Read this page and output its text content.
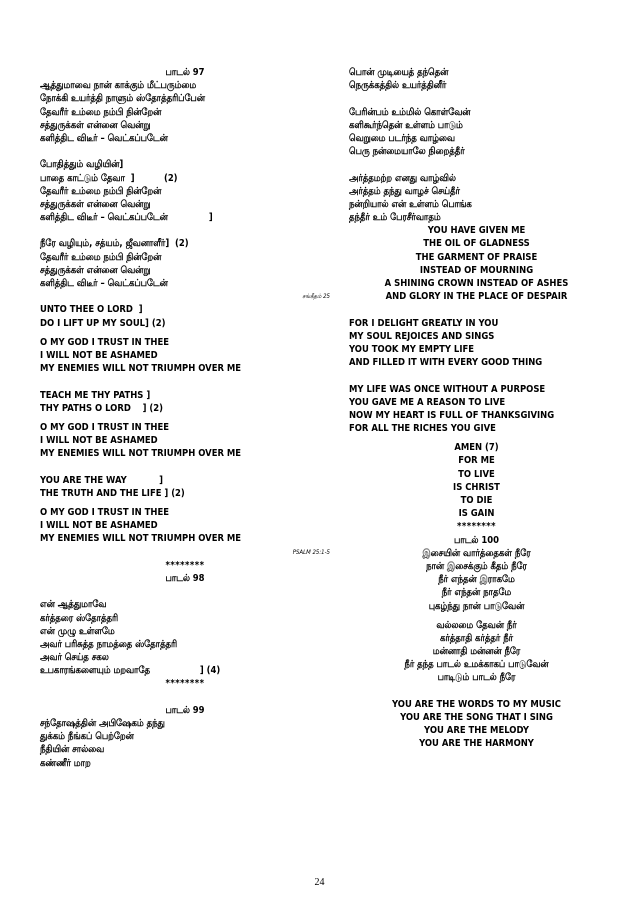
பாடல் 97
ஆத்துமாவை நான் காக்கும் மீட்பரும்மை
நோக்கி உயர்த்தி நாளும் ஸ்தோத்தரிப்பேன்
தேவரீர் உம்மை நம்பி நின்றேன்
சத்துருக்கள் என்னை வென்று
களித்திட விடீர் – வெட்கப்படேன்
போதித்தும் வழியின்]
பாதை காட்டும் தேவா  ]          (2)
தேவரீர் உம்மை நம்பி நின்றேன்
சத்துருக்கள் என்னை வென்று
களித்திட விடீர் – வெட்கப்படேன்              ]
நீரே வழியும், சத்யம், ஜீவனாளீர்]  (2)
தேவரீர் உம்மை நம்பி நின்றேன்
சத்துருக்கள் என்னை வென்று
களித்திட விடீர் – வெட்கப்படேன்
சங்கீதம் 25
UNTO THEE O LORD  ]
DO I LIFT UP MY SOUL] (2)
O MY GOD I TRUST IN THEE
I WILL NOT BE ASHAMED
MY ENEMIES WILL NOT TRIUMPH OVER ME
TEACH ME THY PATHS ]
THY PATHS O LORD    ] (2)
O MY GOD I TRUST IN THEE
I WILL NOT BE ASHAMED
MY ENEMIES WILL NOT TRIUMPH OVER ME
YOU ARE THE WAY           ]
THE TRUTH AND THE LIFE ] (2)
O MY GOD I TRUST IN THEE
I WILL NOT BE ASHAMED
MY ENEMIES WILL NOT TRIUMPH OVER ME
PSALM 25:1-5
********
பாடல் 98
என் ஆத்துமாவே
கர்த்தரை ஸ்தோத்தரி
என் முழு உள்ளமே
அவர் பரிசுத்த நாமத்தை ஸ்தோத்தரி
அவர் செய்த சகல
உபகாரங்களையும் மறவாதே                 ] (4)
********
பாடல் 99
சந்தோஷத்தின் அபிஷேகம் தந்து
துக்கம் நீங்கப் பெற்றேன்
நீதியின் சால்வை
கண்ணீர் மாற
பொன் முடியைத் தந்தென்
நெருக்கத்தில் உயர்த்தினீர்
பேரின்பம் உம்மில் கொள்வேன்
களிகூர்ந்தென் உள்ளம் பாடும்
வெறுமை படர்ந்த வாழ்வை
பெரு நன்மையாலே நிறைத்தீர்
அர்த்தமற்ற எனது வாழ்வில்
அர்த்தம் தந்து வாழச் செய்தீர்
நன்றியால் என் உள்ளம் பொங்க
தந்தீர் உம் பேரசீர்வாதம்
YOU HAVE GIVEN ME
THE OIL OF GLADNESS
THE GARMENT OF PRAISE
INSTEAD OF MOURNING
A SHINING CROWN INSTEAD OF ASHES
AND GLORY IN THE PLACE OF DESPAIR
FOR I DELIGHT GREATLY IN YOU
MY SOUL REJOICES AND SINGS
YOU TOOK MY EMPTY LIFE
AND FILLED IT WITH EVERY GOOD THING
MY LIFE WAS ONCE WITHOUT A PURPOSE
YOU GAVE ME A REASON TO LIVE
NOW MY HEART IS FULL OF THANKSGIVING
FOR ALL THE RICHES YOU GIVE
AMEN (7)
FOR ME
TO LIVE
IS CHRIST
TO DIE
IS GAIN
********
பாடல் 100
இசையின் வார்த்தைகள் நீரே
நான் இசைக்கும் கீதம் நீரே
நீர் எந்தன் இராகமே
நீர் எந்தன் நாதமே
புகழ்ந்து நான் பாடுவேன்
வல்லமை தேவன் நீர்
கர்த்தாதி கர்த்தர் நீர்
மன்னாதி மன்னன் நீரே
நீர் தந்த பாடல் உமக்காகப் பாடுவேன்
பாடிடும் பாடல் நீரே
YOU ARE THE WORDS TO MY MUSIC
YOU ARE THE SONG THAT I SING
YOU ARE THE MELODY
YOU ARE THE HARMONY
24
